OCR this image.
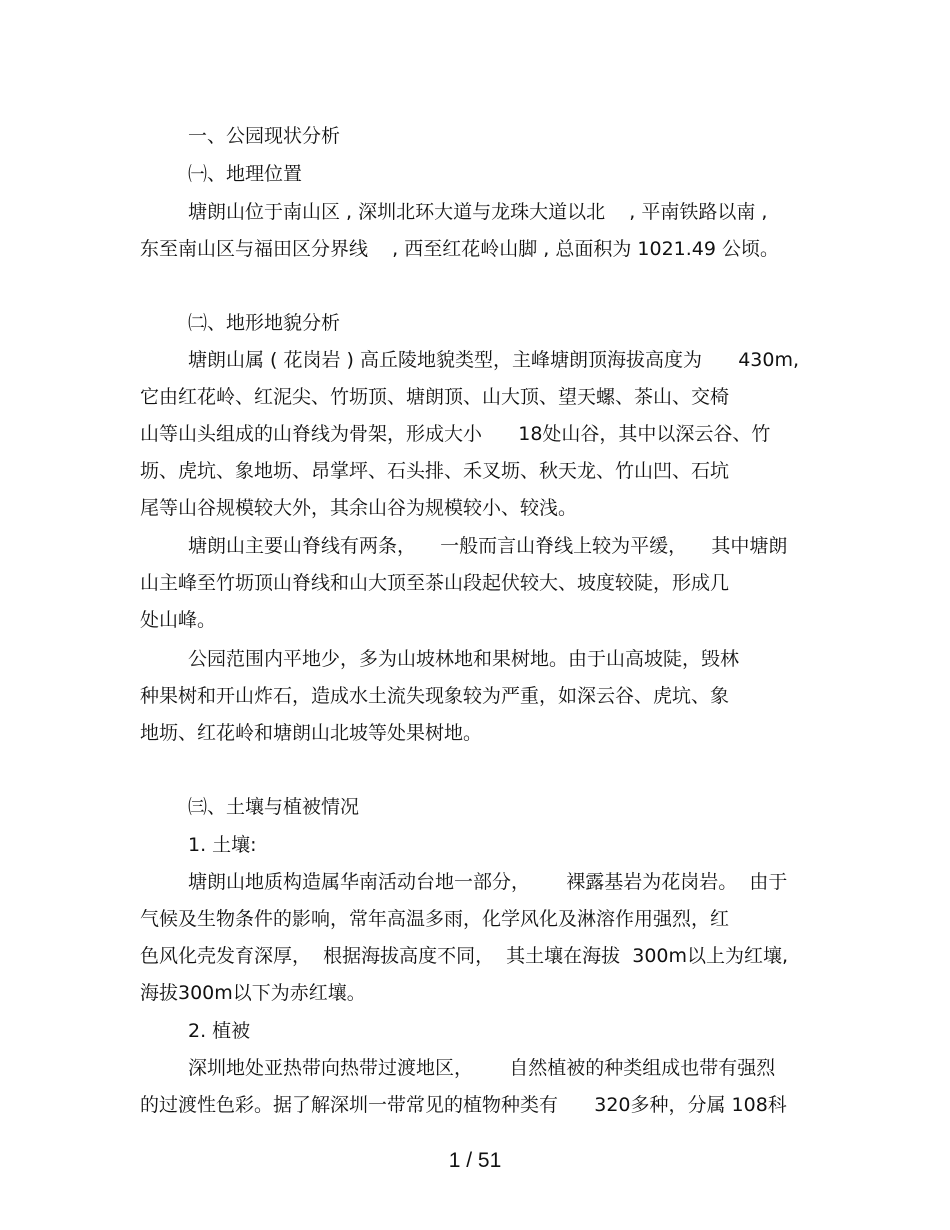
一、公园现状分析
㈠、地理位置
塘朗山位于南山区 , 深圳北环大道与龙珠大道以北    , 平南铁路以南 ,
东至南山区与福田区分界线    , 西至红花岭山脚 , 总面积为 1021.49 公顷。
㈡、地形地貌分析
塘朗山属 ( 花岗岩 ) 高丘陵地貌类型，主峰塘朗顶海拔高度为      430m,
它由红花岭、红泥尖、竹坜顶、塘朗顶、山大顶、望天螺、茶山、交椅
山等山头组成的山脊线为骨架，形成大小      18处山谷，其中以深云谷、竹
坜、虎坑、象地坜、昂掌坪、石头排、禾叉坜、秋天龙、竹山凹、石坑
尾等山谷规模较大外，其余山谷为规模较小、较浅。
塘朗山主要山脊线有两条，    一般而言山脊线上较为平缓，    其中塘朗
山主峰至竹坜顶山脊线和山大顶至茶山段起伏较大、坡度较陡，形成几
处山峰。
公园范围内平地少，多为山坡林地和果树地。由于山高坡陡，毁林
种果树和开山炸石，造成水土流失现象较为严重，如深云谷、虎坑、象
地坜、红花岭和塘朗山北坡等处果树地。
㈢、土壤与植被情况
1. 土壤:
塘朗山地质构造属华南活动台地一部分，      裸露基岩为花岗岩。  由于
气候及生物条件的影响，常年高温多雨，化学风化及淋溶作用强烈，红
色风化壳发育深厚，  根据海拔高度不同，  其土壤在海拔  300m以上为红壤,
海拔300m以下为赤红壤。
2. 植被
深圳地处亚热带向热带过渡地区，      自然植被的种类组成也带有强烈
的过渡性色彩。据了解深圳一带常见的植物种类有      320多种，分属 108科
1 / 51
